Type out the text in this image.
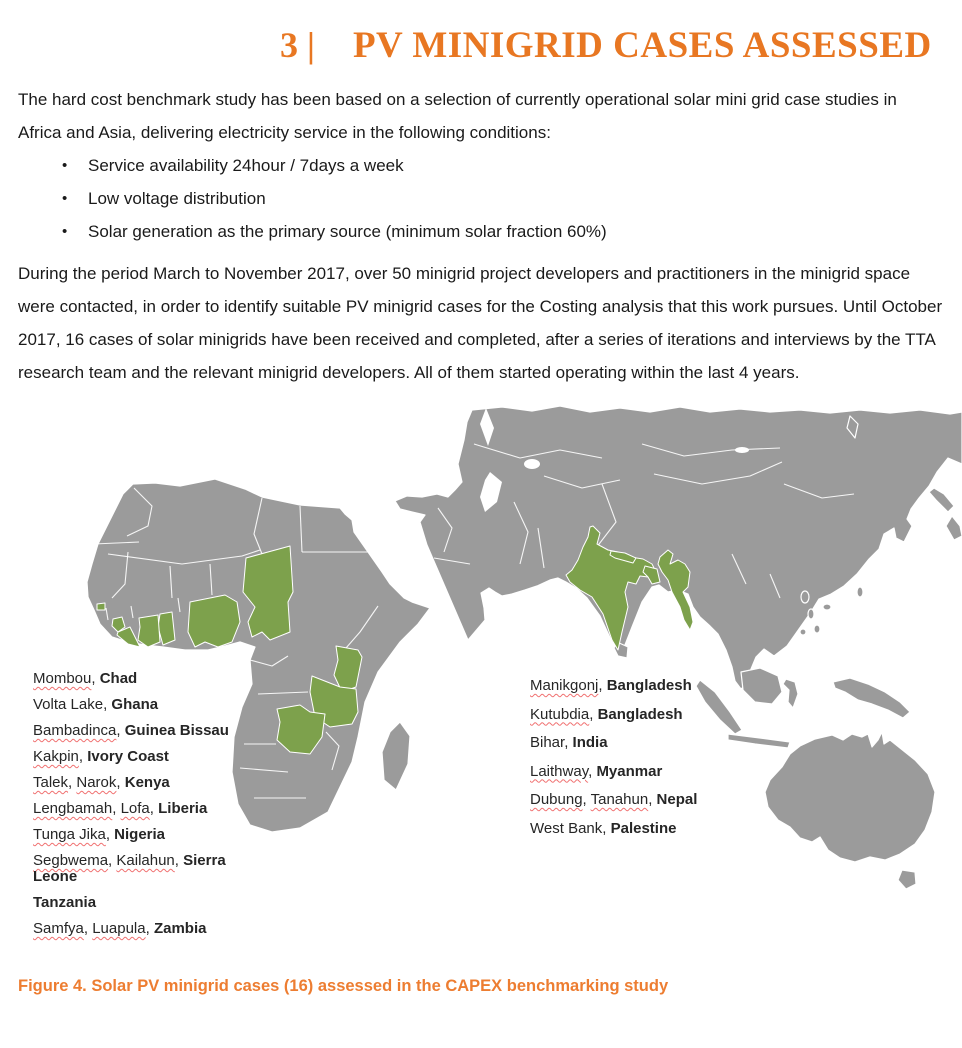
3 | PV MINIGRID CASES ASSESSED

The hard cost benchmark study has been based on a selection of currently operational solar mini grid case studies in Africa and Asia, delivering electricity service in the following conditions:

•	Service availability 24hour / 7days a week
•	Low voltage distribution
•	Solar generation as the primary source (minimum solar fraction 60%)

During the period March to November 2017, over 50 minigrid project developers and practitioners in the minigrid space were contacted, in order to identify suitable PV minigrid cases for the Costing analysis that this work pursues. Until October 2017, 16 cases of solar minigrids have been received and completed, after a series of iterations and interviews by the TTA research team and the relevant minigrid developers. All of them started operating within the last 4 years.

Mombou, Chad
Volta Lake, Ghana
Bambadinca, Guinea Bissau
Kakpin, Ivory Coast
Talek, Narok, Kenya
Lengbamah, Lofa, Liberia
Tunga Jika, Nigeria
Segbwema, Kailahun, Sierra Leone
Tanzania
Samfya, Luapula, Zambia
Manikgonj, Bangladesh
Kutubdia, Bangladesh
Bihar, India
Laithway, Myanmar
Dubung, Tanahun, Nepal
West Bank, Palestine
Figure 4. Solar PV minigrid cases (16) assessed in the CAPEX benchmarking study
